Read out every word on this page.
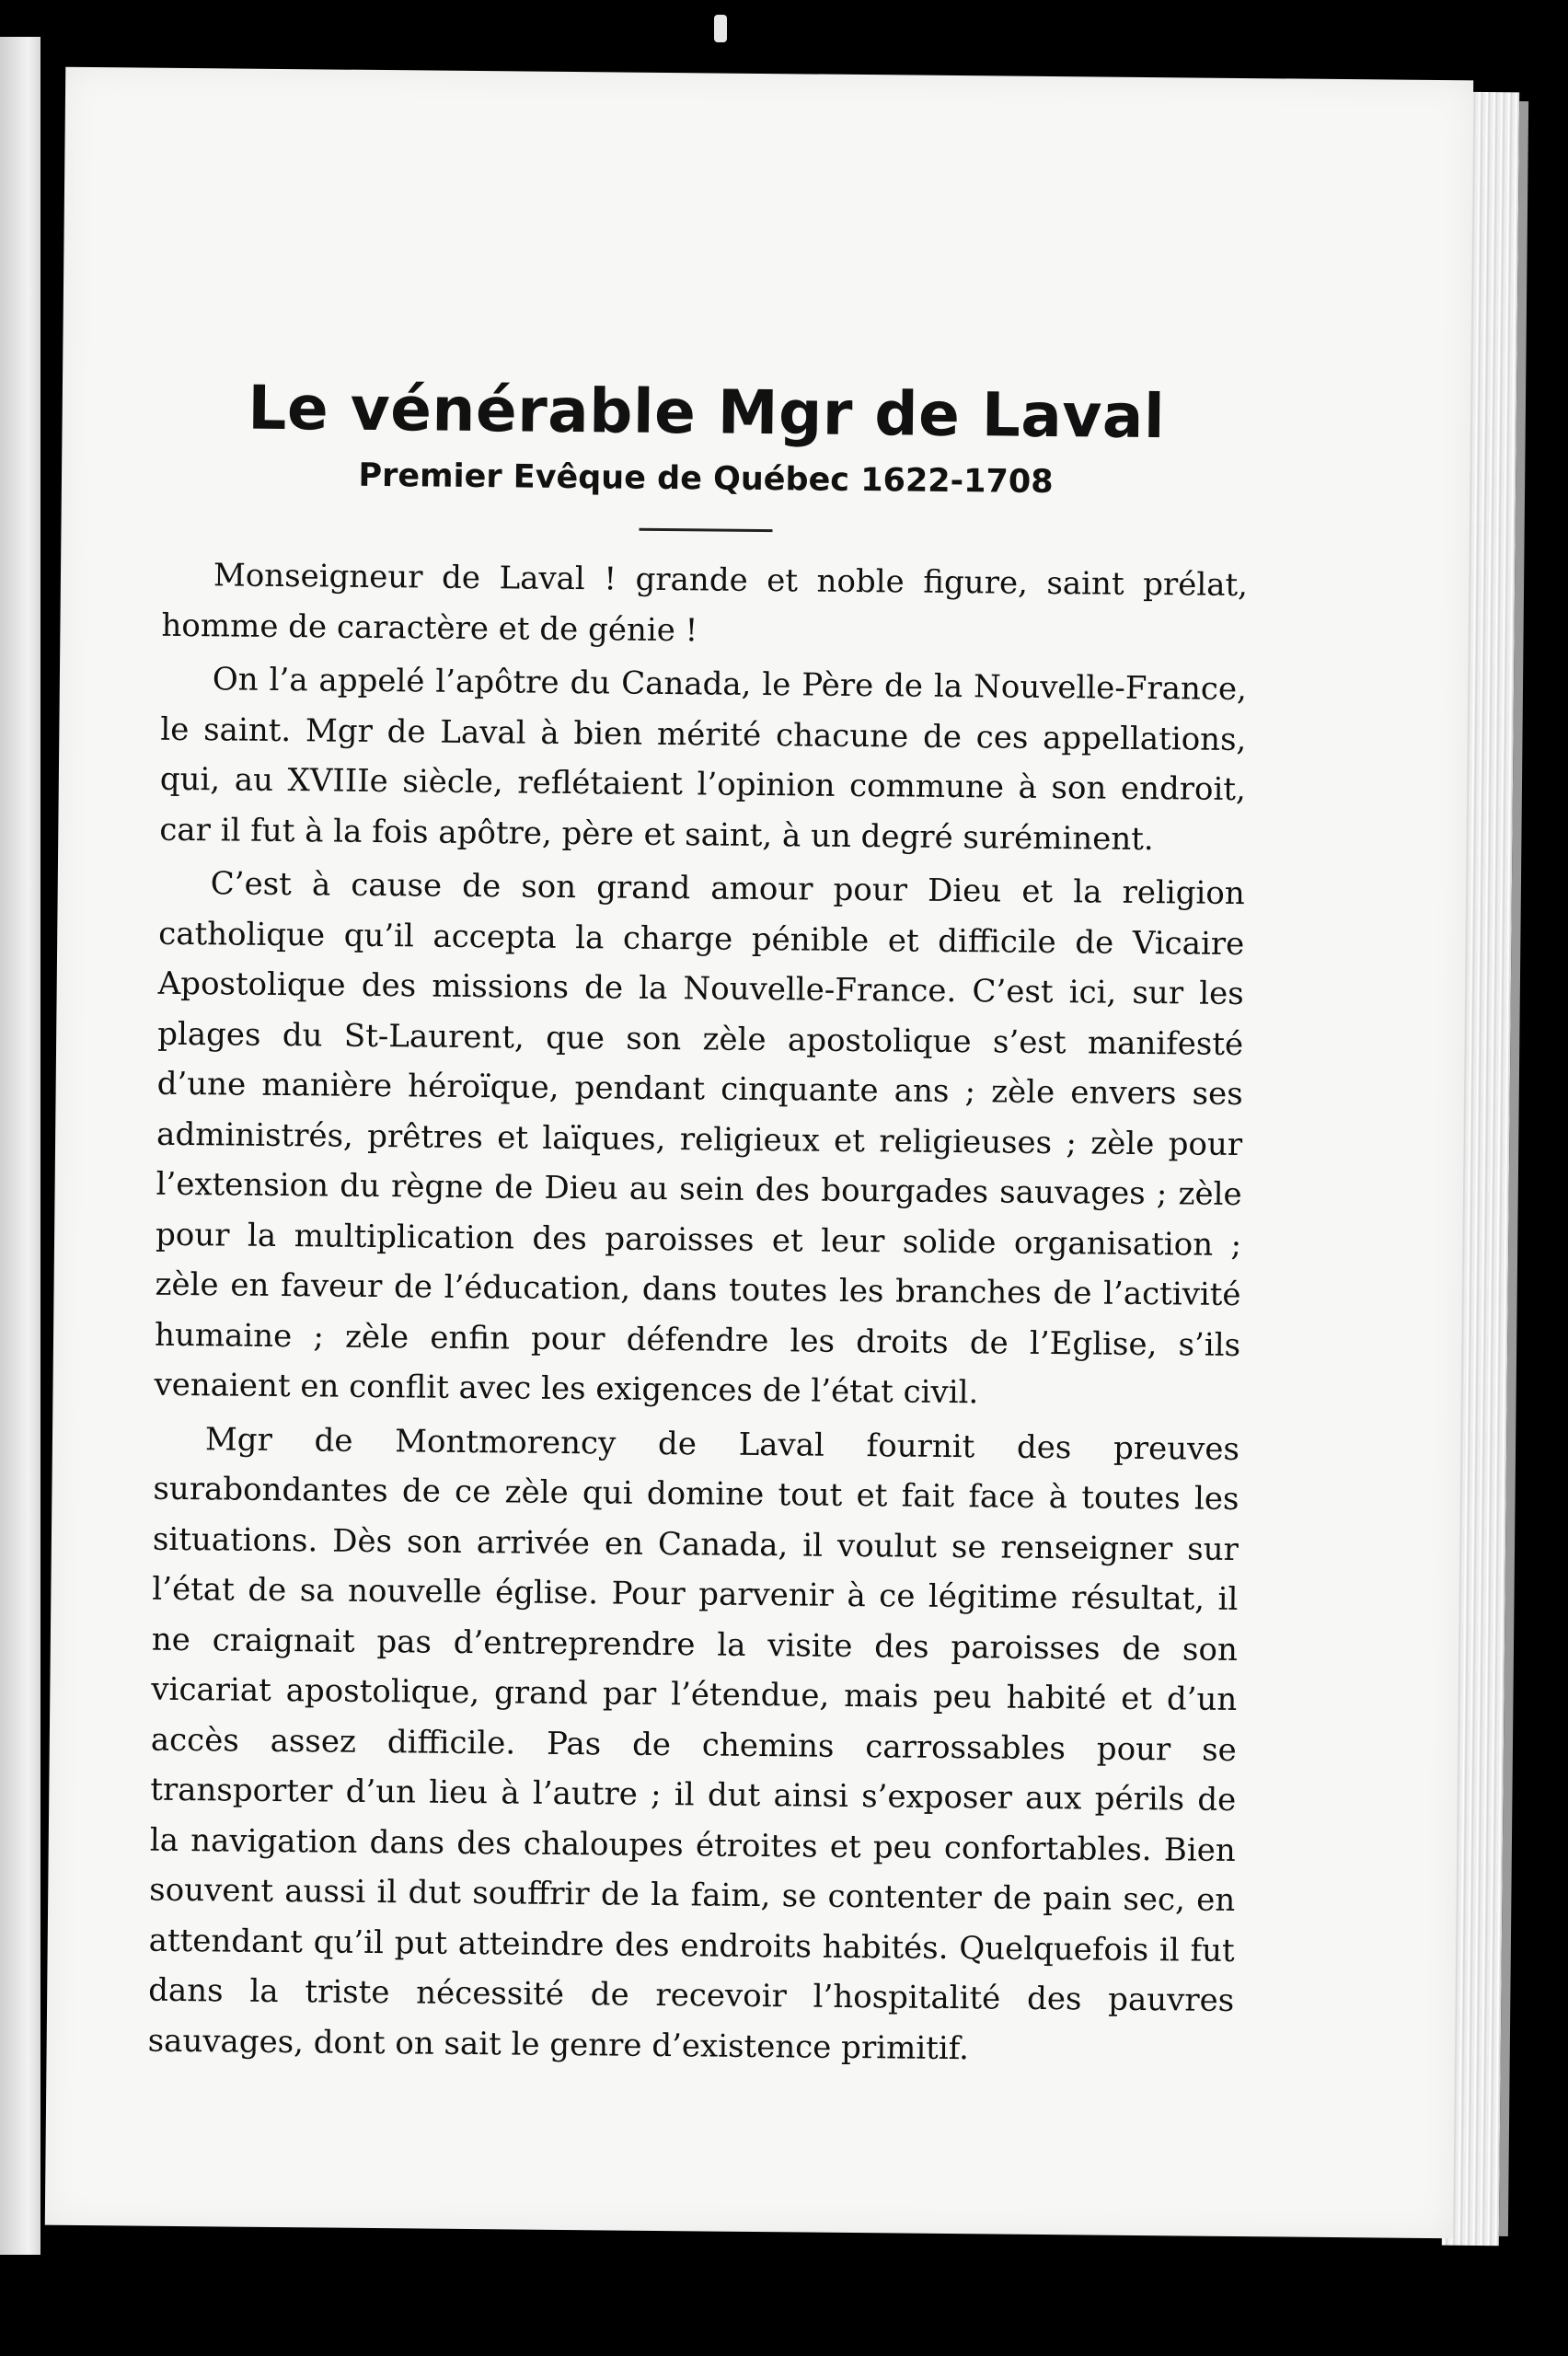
Le vénérable Mgr de Laval
Premier Evêque de Québec 1622-1708

Monseigneur de Laval ! grande et noble figure, saint prélat, homme de caractère et de génie !

On l’a appelé l’apôtre du Canada, le Père de la Nouvelle-France, le saint. Mgr de Laval à bien mérité chacune de ces appellations, qui, au XVIIIe siècle, reflétaient l’opinion commune à son endroit, car il fut à la fois apôtre, père et saint, à un degré suréminent.

C’est à cause de son grand amour pour Dieu et la religion catholique qu’il accepta la charge pénible et difficile de Vicaire Apostolique des missions de la Nouvelle-France. C’est ici, sur les plages du St-Laurent, que son zèle apostolique s’est manifesté d’une manière héroïque, pendant cinquante ans ; zèle envers ses administrés, prêtres et laïques, religieux et religieuses ; zèle pour l’extension du règne de Dieu au sein des bourgades sauvages ; zèle pour la multiplication des paroisses et leur solide organisation ; zèle en faveur de l’éducation, dans toutes les branches de l’activité humaine ; zèle enfin pour défendre les droits de l’Eglise, s’ils venaient en conflit avec les exigences de l’état civil.

Mgr de Montmorency de Laval fournit des preuves surabondantes de ce zèle qui domine tout et fait face à toutes les situations. Dès son arrivée en Canada, il voulut se renseigner sur l’état de sa nouvelle église. Pour parvenir à ce légitime résultat, il ne craignait pas d’entreprendre la visite des paroisses de son vicariat apostolique, grand par l’étendue, mais peu habité et d’un accès assez difficile. Pas de chemins carrossables pour se transporter d’un lieu à l’autre ; il dut ainsi s’exposer aux périls de la navigation dans des chaloupes étroites et peu confortables. Bien souvent aussi il dut souffrir de la faim, se contenter de pain sec, en attendant qu’il put atteindre des endroits habités. Quelquefois il fut dans la triste nécessité de recevoir l’hospitalité des pauvres sauvages, dont on sait le genre d’existence primitif.
